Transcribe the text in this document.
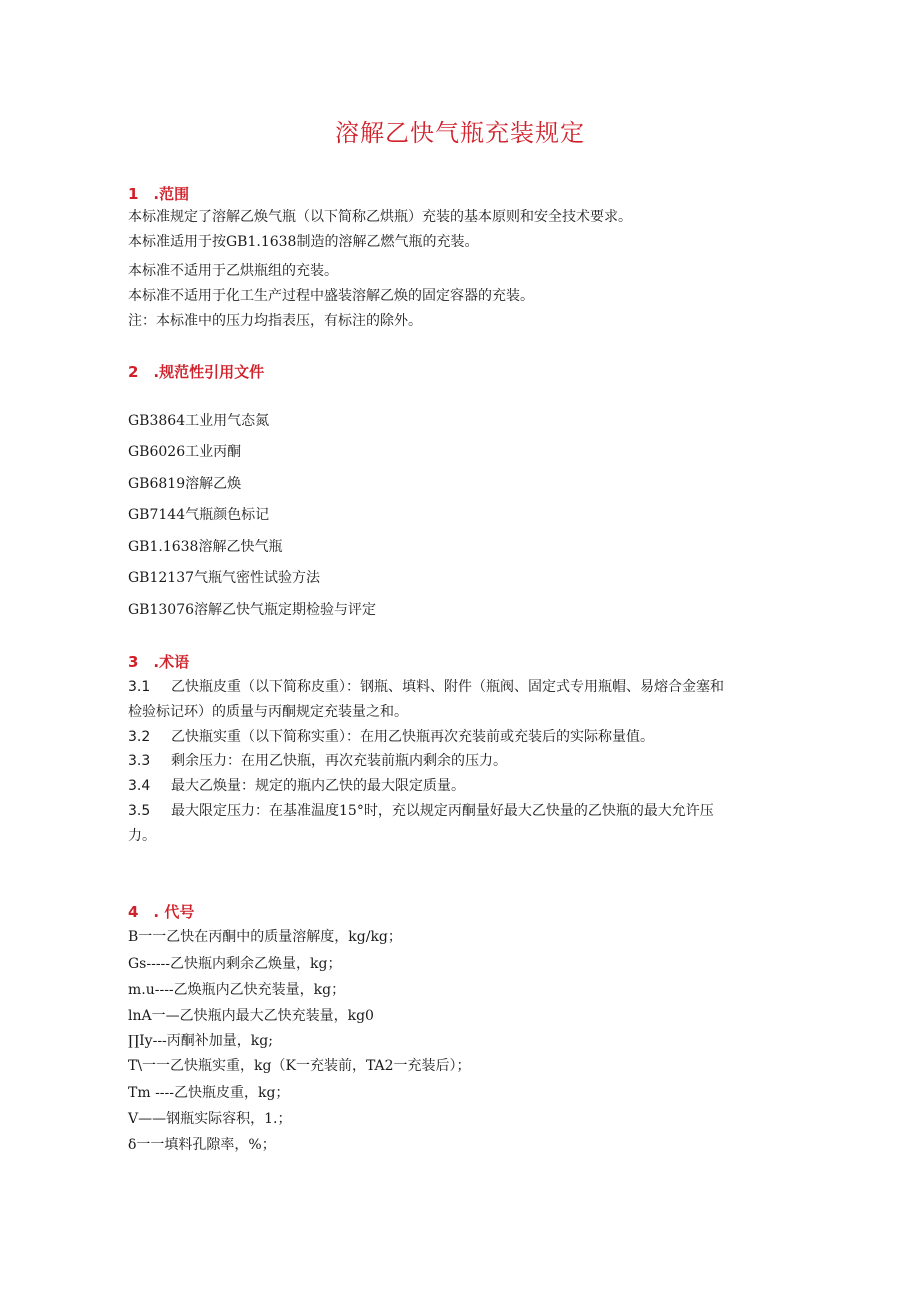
溶解乙快气瓶充装规定
1　.范围
本标准规定了溶解乙焕气瓶（以下简称乙烘瓶）充装的基本原则和安全技术要求。
本标准适用于按GB1.1638制造的溶解乙燃气瓶的充装。
本标准不适用于乙烘瓶组的充装。
本标准不适用于化工生产过程中盛装溶解乙焕的固定容器的充装。
注：本标准中的压力均指表压，有标注的除外。
2　.规范性引用文件
GB3864工业用气态氮
GB6026工业丙酮
GB6819溶解乙焕
GB7144气瓶颜色标记
GB1.1638溶解乙快气瓶
GB12137气瓶气密性试验方法
GB13076溶解乙快气瓶定期检验与评定
3　.术语
3.1 乙快瓶皮重（以下简称皮重）：钢瓶、填料、附件（瓶阀、固定式专用瓶帽、易熔合金塞和
检验标记环）的质量与丙酮规定充装量之和。
3.2 乙快瓶实重（以下简称实重）：在用乙快瓶再次充装前或充装后的实际称量值。
3.3 剩余压力：在用乙快瓶，再次充装前瓶内剩余的压力。
3.4 最大乙焕量：规定的瓶内乙快的最大限定质量。
3.5 最大限定压力：在基准温度15°时，充以规定丙酮量好最大乙快量的乙快瓶的最大允许压
力。
4　. 代号
B一一乙快在丙酮中的质量溶解度，kg/kg；
Gs-----乙快瓶内剩余乙焕量，kg；
m.u----乙焕瓶内乙快充装量，kg；
lnA一—乙快瓶内最大乙快充装量，kg0
∏Iy---丙酮补加量，kg;
T\一一乙快瓶实重，kg（K一充装前，TA2一充装后）；
Tm ----乙快瓶皮重，kg；
V——钢瓶实际容积，1.；
δ一一填料孔隙率，%；
